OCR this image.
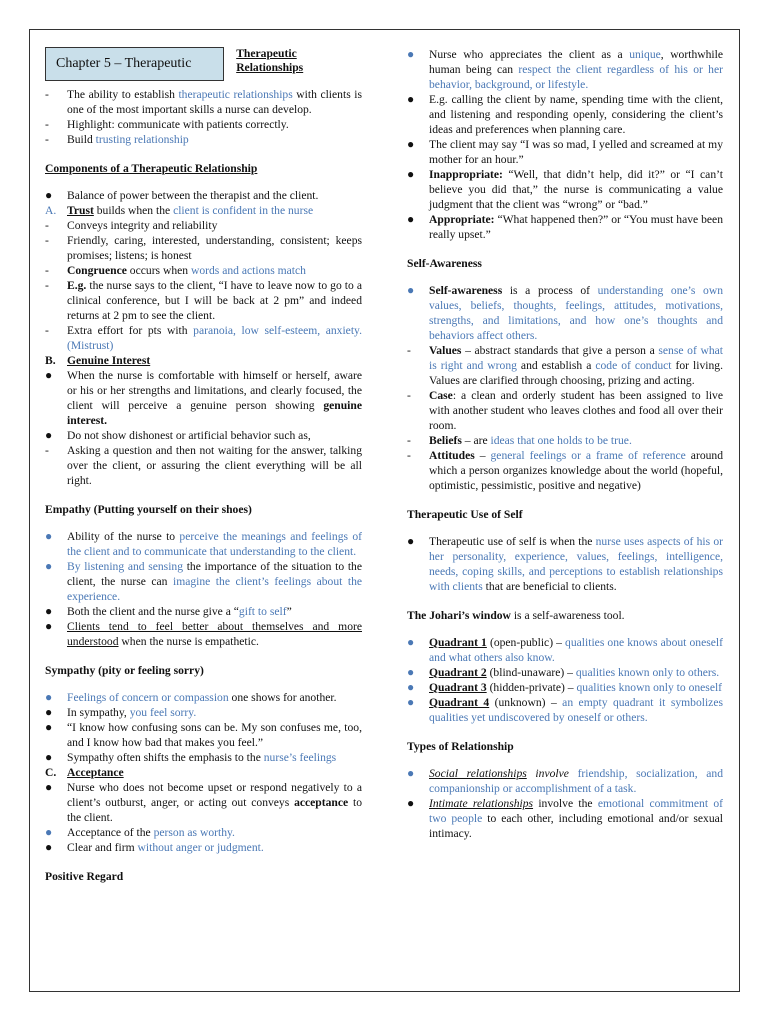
Chapter 5 – Therapeutic
Therapeutic Relationships
-	The ability to establish therapeutic relationships with clients is one of the most important skills a nurse can develop.
-	Highlight: communicate with patients correctly.
-	Build trusting relationship
Components of a Therapeutic Relationship
●	Balance of power between the therapist and the client.
A. Trust builds when the client is confident in the nurse
-	Conveys integrity and reliability
-	Friendly, caring, interested, understanding, consistent; keeps promises; listens; is honest
-	Congruence occurs when words and actions match
-	E.g. the nurse says to the client, “I have to leave now to go to a clinical conference, but I will be back at 2 pm” and indeed returns at 2 pm to see the client.
-	Extra effort for pts with paranoia, low self-esteem, anxiety. (Mistrust)
B. Genuine Interest
●	When the nurse is comfortable with himself or herself, aware or his or her strengths and limitations, and clearly focused, the client will perceive a genuine person showing genuine interest.
●	Do not show dishonest or artificial behavior such as,
-	Asking a question and then not waiting for the answer, talking over the client, or assuring the client everything will be all right.
Empathy (Putting yourself on their shoes)
●	Ability of the nurse to perceive the meanings and feelings of the client and to communicate that understanding to the client.
●	By listening and sensing the importance of the situation to the client, the nurse can imagine the client’s feelings about the experience.
●	Both the client and the nurse give a “gift to self”
●	Clients tend to feel better about themselves and more understood when the nurse is empathetic.
Sympathy (pity or feeling sorry)
●	Feelings of concern or compassion one shows for another.
●	In sympathy, you feel sorry.
●	“I know how confusing sons can be. My son confuses me, too, and I know how bad that makes you feel.”
●	Sympathy often shifts the emphasis to the nurse’s feelings
C. Acceptance
●	Nurse who does not become upset or respond negatively to a client’s outburst, anger, or acting out conveys acceptance to the client.
●	Acceptance of the person as worthy.
●	Clear and firm without anger or judgment.
Positive Regard
●	Nurse who appreciates the client as a unique, worthwhile human being can respect the client regardless of his or her behavior, background, or lifestyle.
●	E.g. calling the client by name, spending time with the client, and listening and responding openly, considering the client’s ideas and preferences when planning care.
●	The client may say “I was so mad, I yelled and screamed at my mother for an hour.”
●	Inappropriate: “Well, that didn’t help, did it?” or “I can’t believe you did that,” the nurse is communicating a value judgment that the client was “wrong” or “bad.”
●	Appropriate: “What happened then?” or “You must have been really upset.”
Self-Awareness
●	Self-awareness is a process of understanding one’s own values, beliefs, thoughts, feelings, attitudes, motivations, strengths, and limitations, and how one’s thoughts and behaviors affect others.
-	Values – abstract standards that give a person a sense of what is right and wrong and establish a code of conduct for living. Values are clarified through choosing, prizing and acting.
-	Case: a clean and orderly student has been assigned to live with another student who leaves clothes and food all over their room.
-	Beliefs – are ideas that one holds to be true.
-	Attitudes – general feelings or a frame of reference around which a person organizes knowledge about the world (hopeful, optimistic, pessimistic, positive and negative)
Therapeutic Use of Self
●	Therapeutic use of self is when the nurse uses aspects of his or her personality, experience, values, feelings, intelligence, needs, coping skills, and perceptions to establish relationships with clients that are beneficial to clients.
The Johari’s window is a self-awareness tool.
●	Quadrant 1 (open-public) – qualities one knows about oneself and what others also know.
●	Quadrant 2 (blind-unaware) – qualities known only to others.
●	Quadrant 3 (hidden-private) – qualities known only to oneself
●	Quadrant 4 (unknown) – an empty quadrant it symbolizes qualities yet undiscovered by oneself or others.
Types of Relationship
●	Social relationships involve friendship, socialization, and companionship or accomplishment of a task.
●	Intimate relationships involve the emotional commitment of two people to each other, including emotional and/or sexual intimacy.
